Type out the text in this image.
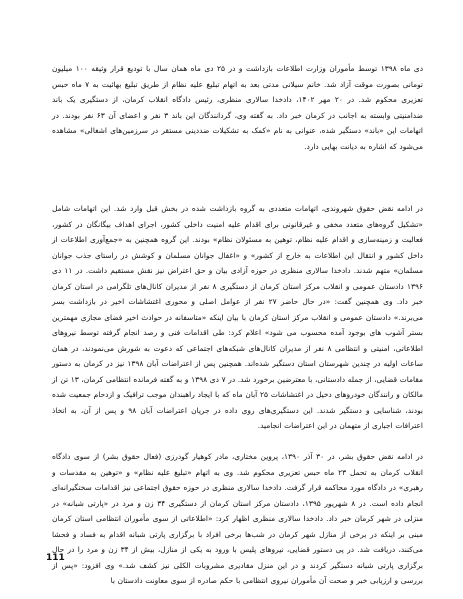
دی ماه ۱۳۹۸ توسط مأموران وزارت اطلاعات بازداشت و در ۲۵ دی ماه همان سال با تودیع قرار وثیقه ۱۰۰ میلیون تومانی بصورت موقت آزاد شد. خانم سیلانی مدتی بعد به اتهام تبلیغ علیه نظام از طریق تبلیغ بهائیت به ۷ ماه حبس تعزیری محکوم شد. در ۲۰ مهر ۱۴۰۲، دادخدا سالاری منظری، رئیس دادگاه انقلاب کرمان، از دستگیری یک باند ضدامنیتی وابسته به اجانب در کرمان خبر داد. به گفته وی، گردانندگان این باند ۳ نفر و اعضای آن ۶۳ نفر بودند. در اتهامات این «باند» دستگیر شده، عنوانی به نام «کمک به تشکیلات ضددینی مستقر در سرزمین‌های اشغالی» مشاهده می‌شود که اشاره به دیانت بهایی دارد.

در ادامه نقض حقوق شهروندی، اتهامات متعددی به گروه بازداشت شده در بخش قبل وارد شد. این اتهامات شامل «تشکیل گروه‌های متعدد مخفی و غیرقانونی برای اقدام علیه امنیت داخلی کشور، اجرای اهداف بیگانگان در کشور، فعالیت و زمینه‌سازی و اقدام علیه نظام، توهین به مسئولان نظام» بودند. این گروه همچنین به «جمع‌آوری اطلاعات از داخل کشور و انتقال این اطلاعات به خارج از کشور» و «اغفال جوانان مسلمان و کوشش در راستای جذب جوانان مسلمان» متهم شدند. دادخدا سالاری منظری در حوزه آزادی بیان و حق اعتراض نیز نقش مستقیم داشت. در ۱۱ دی ۱۳۹۶ دادستان عمومی و انقلاب مرکز استان کرمان از دستگیری ۸ نفر از مدیران کانال‌های تلگرامی در استان کرمان خبر داد. وی همچنین گفت: «در حال حاضر ۲۷ نفر از عوامل اصلی و محوری اغتشاشات اخیر در بازداشت بسر می‌برند.» دادستان عمومی و انقلاب مرکز استان کرمان با بیان اینکه «متاسفانه در حوادث اخیر فضای مجازی مهمترین بستر آشوب های بوجود آمده محسوب می شود» اعلام کرد: طی اقدامات فنی و رصد انجام گرفته توسط نیروهای اطلاعاتی، امنیتی و انتظامی ۸ نفر از مدیران کانال‌های شبکه‌های اجتماعی که دعوت به شورش می‌نمودند، در همان ساعات اولیه در چندین شهرستان استان دستگیر شده‌اند. همچنین پس از اعتراضات آبان ۱۳۹۸ نیز در کرمان به دستور مقامات قضایی، از جمله دادستانی، با معترضین برخورد شد. در ۷ دی ۱۳۹۸ و به گفته فرمانده انتظامی کرمان، ۱۳ تن از مالکان و رانندگان خودروهای دخیل در اغتشاشات ۲۵ آبان ماه که با ایجاد راهبندان موجب ترافیک و ازدحام جمعیت شده بودند، شناسایی و دستگیر شدند. این دستگیری‌های روی داده در جریان اعتراضات آبان ۹۸ و پس از آن، به اتخاذ اعترافات اجباری از متهمان در این اعتراضات انجامید.

در ادامه نقض حقوق بشر، در ۳۰ آذر ۱۳۹۰، پروین مختاری، مادر کوهیار گودرزی (فعال حقوق بشر) از سوی دادگاه انقلاب کرمان به تحمل ۲۳ ماه حبس تعزیری محکوم شد. وی به اتهام «تبلیغ علیه نظام» و «توهین به مقدسات و رهبری» در دادگاه مورد محاکمه قرار گرفت. دادخدا سالاری منظری در حوزه حقوق اجتماعی نیز اقدامات سختگیرانه‌ای انجام داده است. در ۸ شهریور ۱۳۹۵، دادستان مرکز استان کرمان از دستگیری ۳۴ زن و مرد در «پارتی شبانه» در منزلی در شهر کرمان خبر داد. دادخدا سالاری منظری اظهار کرد: «اطلاعاتی از سوی مأموران انتظامی استان کرمان مبنی بر اینکه در برخی از منازل شهر کرمان در شب‌ها برخی افراد با برگزاری پارتی شبانه اقدام به فساد و فحشا می‌کنند، دریافت شد. در پی دستور قضایی، نیروهای پلیس با ورود به یکی از منازل، بیش از ۳۴ زن و مرد را در حال برگزاری پارتی شبانه دستگیر کردند و در این منزل مقادیری مشروبات الکلی نیز کشف شد.» وی افزود: «پس از بررسی و ارزیابی خبر و صحت آن مأموران نیروی انتظامی با حکم صادره از سوی معاونت دادستان با

111
